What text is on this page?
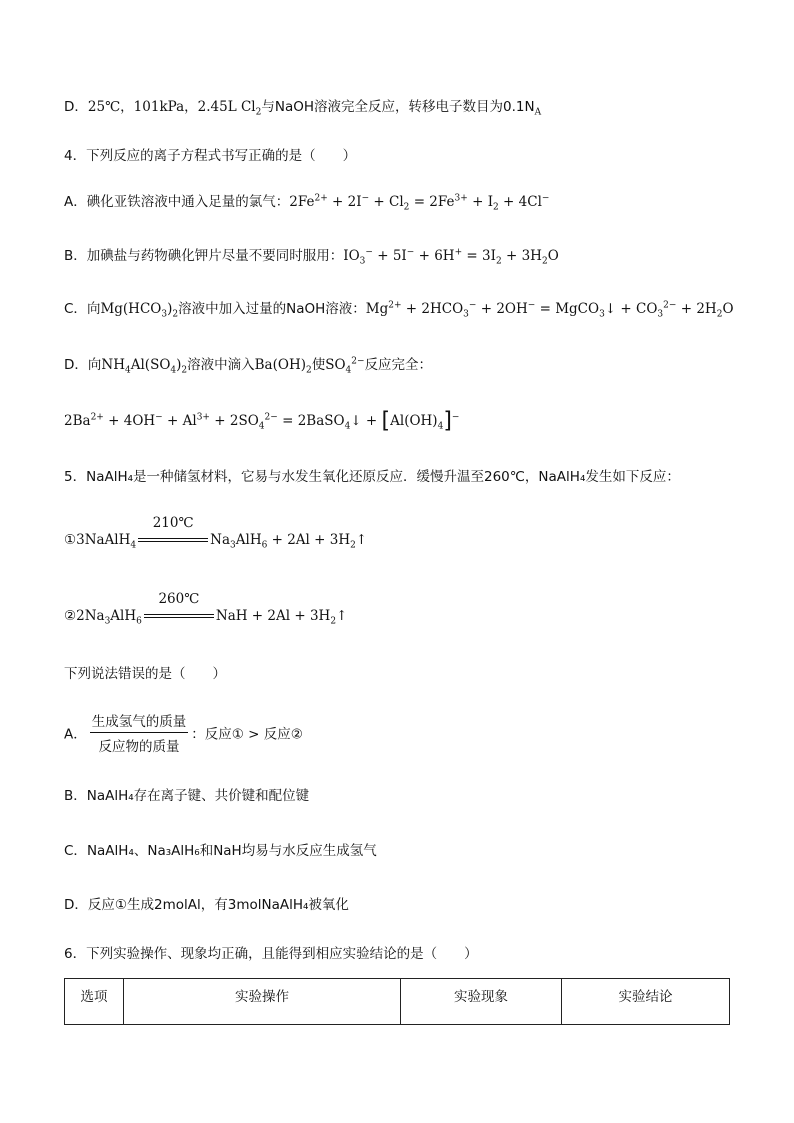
D．25℃，101kPa，2.45L $Cl_2$与NaOH溶液完全反应，转移电子数目为$0.1N_A$
4．下列反应的离子方程式书写正确的是（　　）
A．碘化亚铁溶液中通入足量的氯气：$2Fe^{2+} + 2I^- + Cl_2 = 2Fe^{3+} + I_2 + 4Cl^-$
B．加碘盐与药物碘化钾片尽量不要同时服用：$IO_3^- + 5I^- + 6H^+ = 3I_2 + 3H_2O$
C．向$Mg(HCO_3)_2$溶液中加入过量的NaOH溶液：$Mg^{2+} + 2HCO_3^- + 2OH^-$ = MgCO$_3$↓ + $CO_3^{2-} + 2H_2O$
D．向$NH_4Al(SO_4)_2$溶液中滴入$Ba(OH)_2$使$SO_4^{2-}$反应完全：
$2Ba^{2+} + 4OH^- + Al^{3+} + 2SO_4^{2-}$ = 2BaSO$_4$↓ + $[Al(OH)_4]^-$
5．NaAlH₄是一种储氢材料，它易与水发生氧化还原反应．缓慢升温至260℃，NaAlH₄发生如下反应：
①3NaAlH$_4$
210℃
$Na_3AlH_6 + 2Al$ + $3H_2↑$
$②2Na_3AlH_6$
260℃
NaH + $2Al + 3H_2↑$
下列说法错误的是（　　）
A． $\frac{\text{生成氢气的质量}}{\text{反应物的质量}}$ ：反应① > 反应②
B．NaAlH₄存在离子键、共价键和配位键
C．NaAlH₄、Na₃AlH₆和NaH均易与水反应生成氢气
D．反应①生成2molAl，有3molNaAlH₄被氧化
6．下列实验操作、现象均正确，且能得到相应实验结论的是（　　）
选项	实验操作	实验现象	实验结论
